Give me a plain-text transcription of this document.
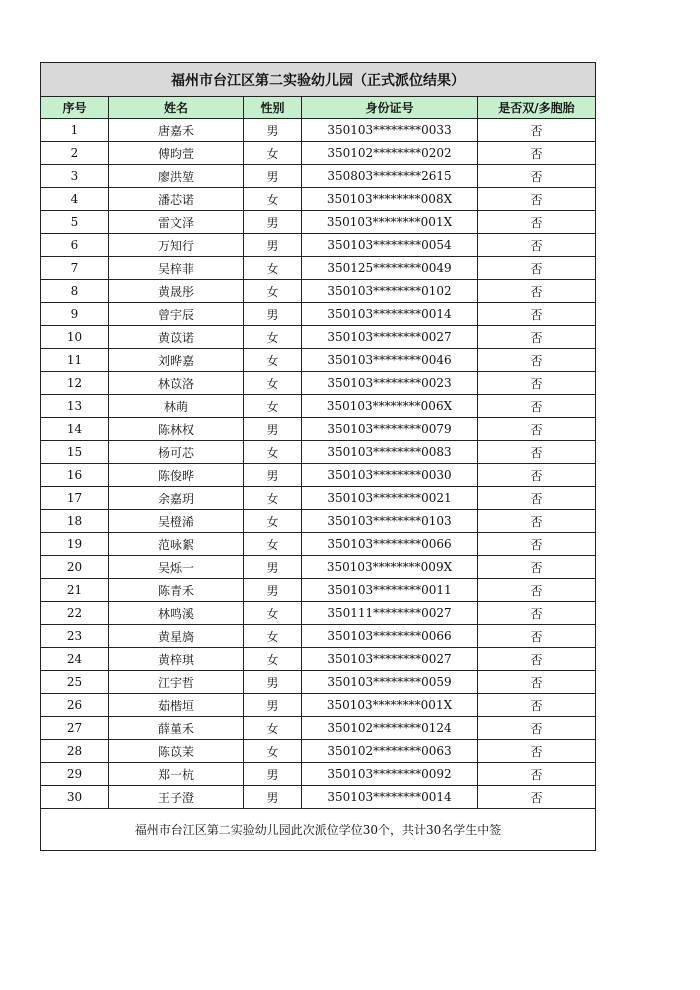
福州市台江区第二实验幼儿园（正式派位结果）				
序号	姓名	性别	身份证号	是否双/多胞胎
1	唐嘉禾	男	350103********0033	否
2	傅昀萱	女	350102********0202	否
3	廖洪堃	男	350803********2615	否
4	潘芯诺	女	350103********008X	否
5	雷文泽	男	350103********001X	否
6	万知行	男	350103********0054	否
7	吴梓菲	女	350125********0049	否
8	黄晟彤	女	350103********0102	否
9	曾宇辰	男	350103********0014	否
10	黄苡诺	女	350103********0027	否
11	刘晔嘉	女	350103********0046	否
12	林苡洛	女	350103********0023	否
13	林萌	女	350103********006X	否
14	陈林权	男	350103********0079	否
15	杨可芯	女	350103********0083	否
16	陈俊晔	男	350103********0030	否
17	余嘉玥	女	350103********0021	否
18	吴橙浠	女	350103********0103	否
19	范咏絮	女	350103********0066	否
20	吴烁一	男	350103********009X	否
21	陈青禾	男	350103********0011	否
22	林鸣溪	女	350111********0027	否
23	黄星旖	女	350103********0066	否
24	黄梓琪	女	350103********0027	否
25	江宇哲	男	350103********0059	否
26	茹楷垣	男	350103********001X	否
27	薛堇禾	女	350102********0124	否
28	陈苡茉	女	350102********0063	否
29	郑一杭	男	350103********0092	否
30	王子澄	男	350103********0014	否
福州市台江区第二实验幼儿园此次派位学位30个，共计30名学生中签				
